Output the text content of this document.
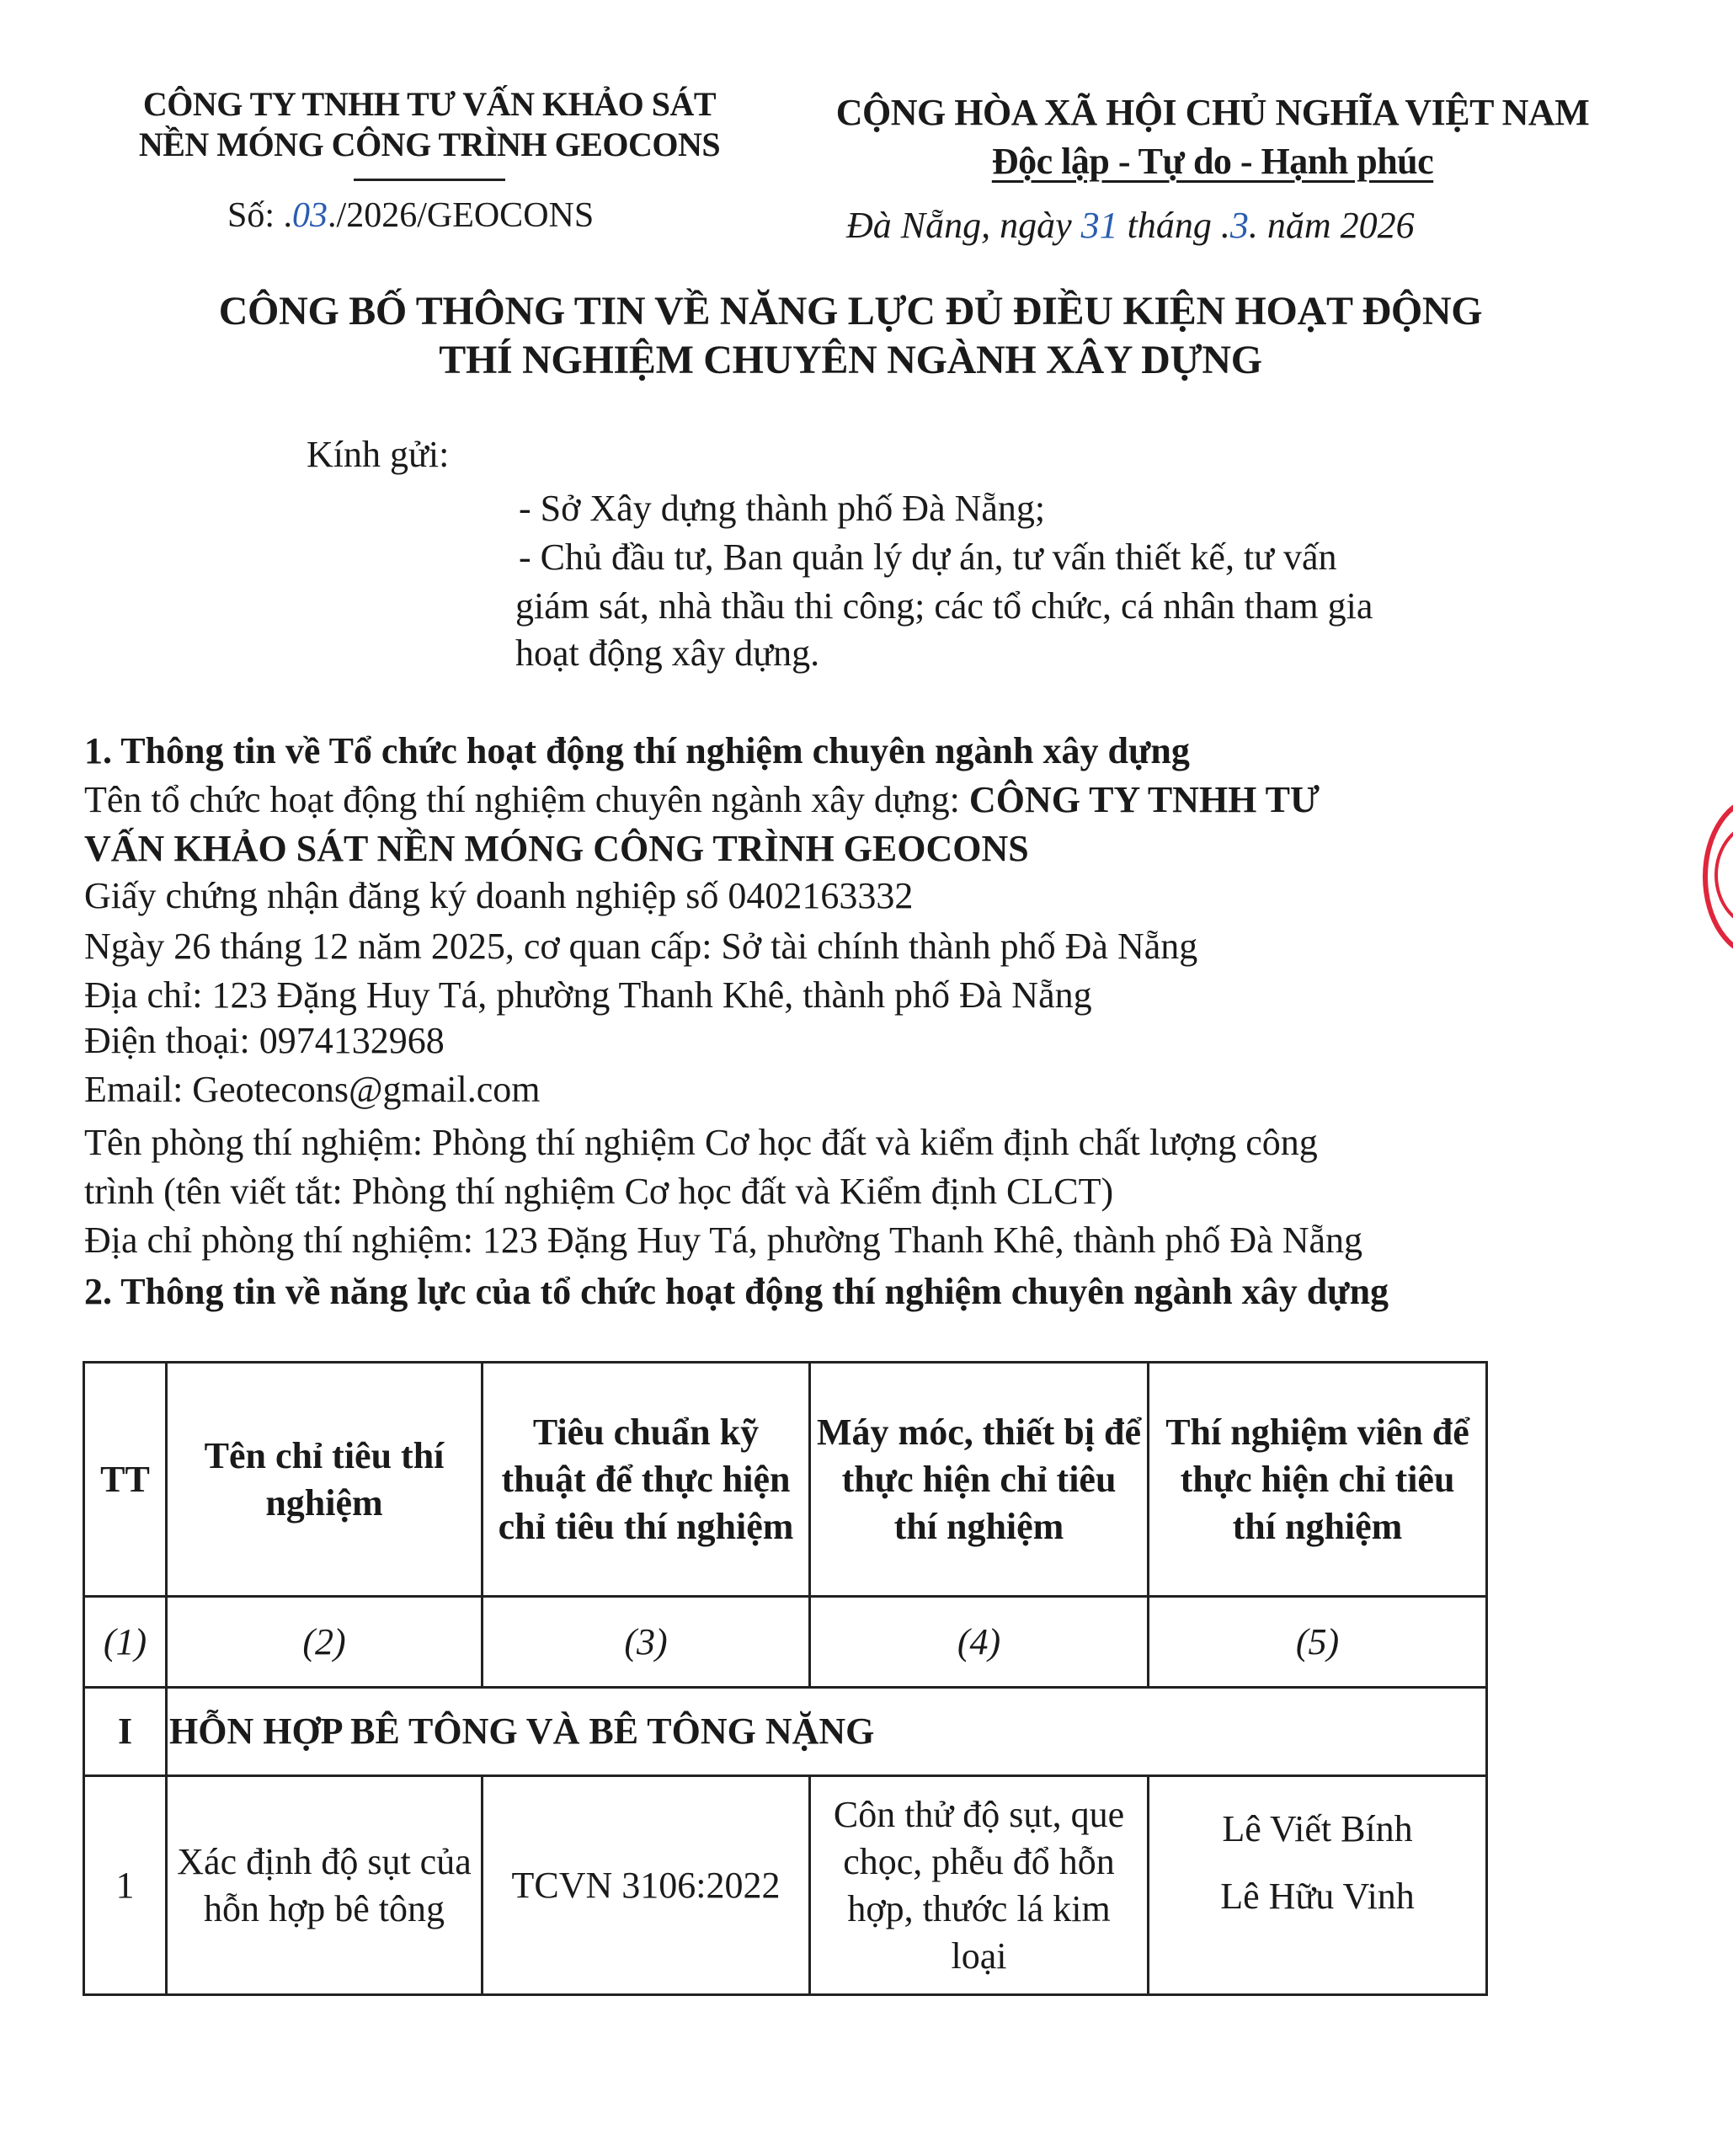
CÔNG TY TNHH TƯ VẤN KHẢO SÁT
NỀN MÓNG CÔNG TRÌNH GEOCONS
Số: .03./2026/GEOCONS
CỘNG HÒA XÃ HỘI CHỦ NGHĨA VIỆT NAM
Độc lập - Tự do - Hạnh phúc
Đà Nẵng, ngày 31 tháng .3. năm 2026
CÔNG BỐ THÔNG TIN VỀ NĂNG LỰC ĐỦ ĐIỀU KIỆN HOẠT ĐỘNG
THÍ NGHIỆM CHUYÊN NGÀNH XÂY DỰNG
Kính gửi:
- Sở Xây dựng thành phố Đà Nẵng;
- Chủ đầu tư, Ban quản lý dự án, tư vấn thiết kế, tư vấn
giám sát, nhà thầu thi công; các tổ chức, cá nhân tham gia
hoạt động xây dựng.
1. Thông tin về Tổ chức hoạt động thí nghiệm chuyên ngành xây dựng
Tên tổ chức hoạt động thí nghiệm chuyên ngành xây dựng: CÔNG TY TNHH TƯ
VẤN KHẢO SÁT NỀN MÓNG CÔNG TRÌNH GEOCONS
Giấy chứng nhận đăng ký doanh nghiệp số 0402163332
Ngày 26 tháng 12 năm 2025, cơ quan cấp: Sở tài chính thành phố Đà Nẵng
Địa chỉ: 123 Đặng Huy Tá, phường Thanh Khê, thành phố Đà Nẵng
Điện thoại: 0974132968
Email: Geotecons@gmail.com
Tên phòng thí nghiệm: Phòng thí nghiệm Cơ học đất và kiểm định chất lượng công
trình (tên viết tắt: Phòng thí nghiệm Cơ học đất và Kiểm định CLCT)
Địa chỉ phòng thí nghiệm: 123 Đặng Huy Tá, phường Thanh Khê, thành phố Đà Nẵng
2. Thông tin về năng lực của tổ chức hoạt động thí nghiệm chuyên ngành xây dựng
TT	Tên chỉ tiêu thí nghiệm	Tiêu chuẩn kỹ thuật để thực hiện chỉ tiêu thí nghiệm	Máy móc, thiết bị để thực hiện chỉ tiêu thí nghiệm	Thí nghiệm viên để thực hiện chỉ tiêu thí nghiệm
(1)	(2)	(3)	(4)	(5)
I	HỖN HỢP BÊ TÔNG VÀ BÊ TÔNG NẶNG			
1	Xác định độ sụt của hỗn hợp bê tông	TCVN 3106:2022	Côn thử độ sụt, que chọc, phễu đổ hỗn hợp, thước lá kim loại	Lê Viết Bính
Lê Hữu Vinh
